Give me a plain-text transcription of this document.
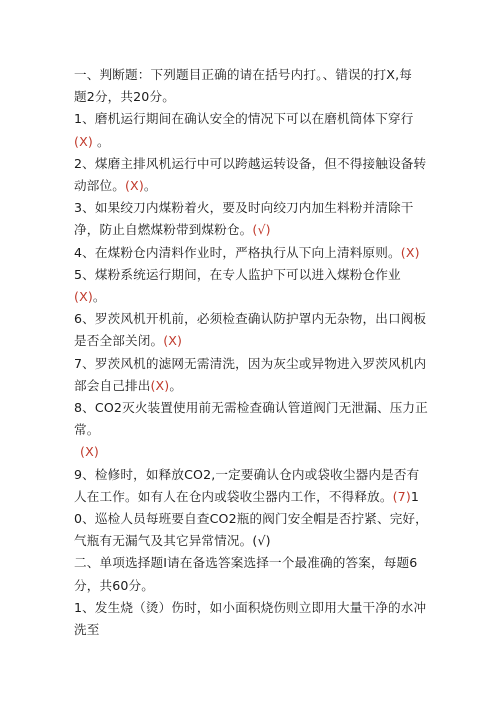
一、判断题：下列题目正确的请在括号内打。、错误的打X,每
题2分，共20分。

1、磨机运行期间在确认安全的情况下可以在磨机筒体下穿行(X) 。

2、煤磨主排风机运行中可以跨越运转设备，但不得接触设备转动部位。(X)。

3、如果绞刀内煤粉着火，要及时向绞刀内加生料粉并清除干净，防止自燃煤粉带到煤粉仓。(√)

4、在煤粉仓内清料作业时，严格执行从下向上清料原则。(X)

5、煤粉系统运行期间，在专人监护下可以进入煤粉仓作业(X)。

6、罗茨风机开机前，必须检查确认防护罩内无杂物，出口阀板是否全部关闭。(X)

7、罗茨风机的滤网无需清洗，因为灰尘或异物进入罗茨风机内部会自己排出(X)。

8、CO2灭火装置使用前无需检查确认管道阀门无泄漏、压力正常。
(X)

9、检修时，如释放CO2,一定要确认仓内或袋收尘器内是否有人在工作。如有人在仓内或袋收尘器内工作，不得释放。(7)10、巡检人员每班要自查CO2瓶的阀门安全帽是否拧紧、完好，气瓶有无漏气及其它异常情况。(√)

二、单项选择题I请在备选答案选择一个最准确的答案，每题6
分，共60分。

1、发生烧（烫）伤时，如小面积烧伤则立即用大量干净的水冲洗至
